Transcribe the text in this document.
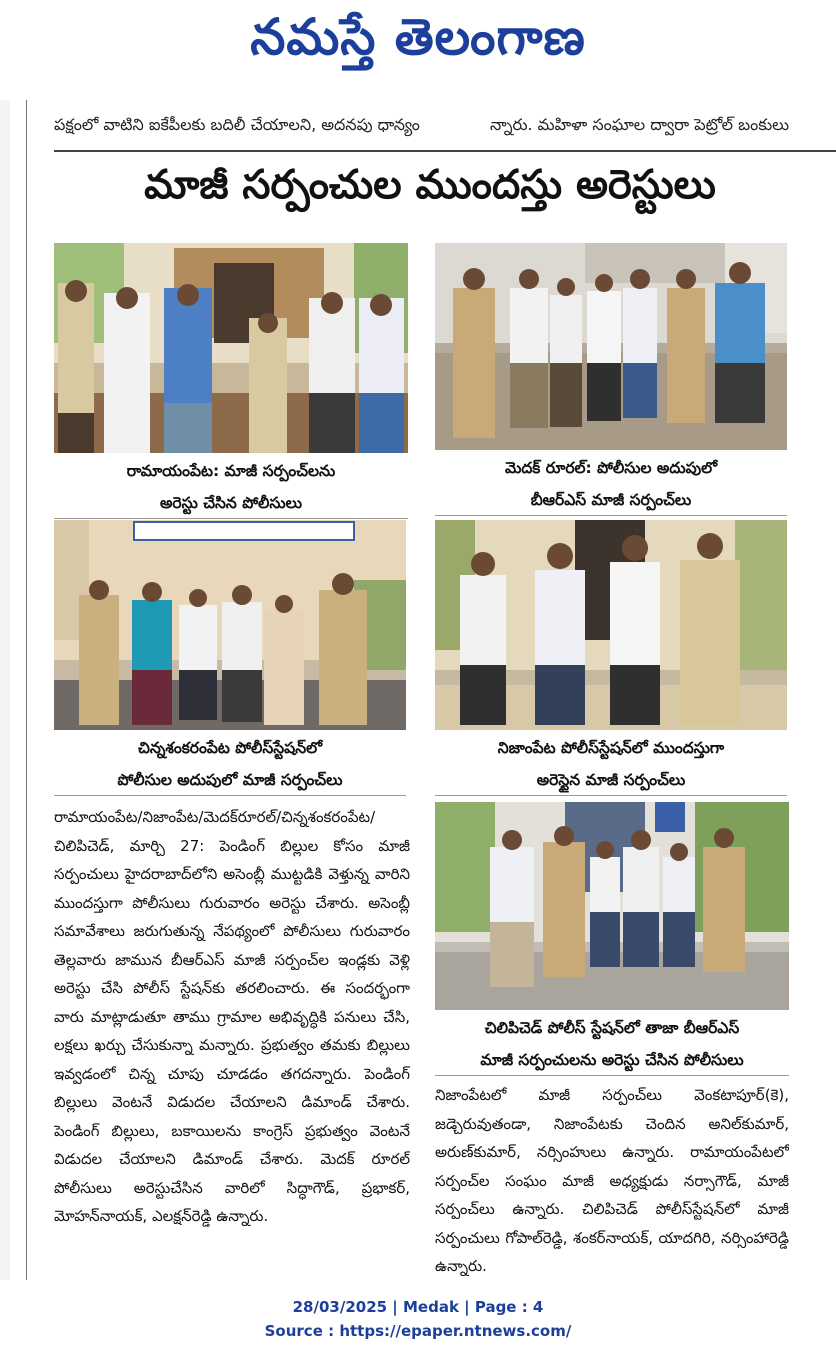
నమస్తే తెలంగాణ
పక్షంలో వాటిని ఐకేపీలకు బదిలీ చేయాలని, అదనపు ధాన్యం	న్నారు. మహిళా సంఘాల ద్వారా పెట్రోల్ బంకులు
మాజీ సర్పంచుల ముందస్తు అరెస్టులు
రామాయంపేట: మాజీ సర్పంచ్‌లను
అరెస్టు చేసిన పోలీసులు
మెదక్ రూరల్: పోలీసుల అదుపులో
బీఆర్ఎస్ మాజీ సర్పంచ్‌లు
చిన్నశంకరంపేట పోలీస్‌స్టేషన్‌లో
పోలీసుల అదుపులో మాజీ సర్పంచ్‌లు
నిజాంపేట పోలీస్‌స్టేషన్‌లో ముందస్తుగా
అరెస్టైన మాజీ సర్పంచ్‌లు
చిలిపిచెడ్ పోలీస్ స్టేషన్‌లో తాజా బీఆర్ఎస్
మాజీ సర్పంచులను అరెస్టు చేసిన పోలీసులు

రామాయంపేట/నిజాంపేట/మెదక్‌రూరల్/చిన్నశంకరంపేట/చిలిపిచెడ్, మార్చి 27: పెండింగ్ బిల్లుల కోసం మాజీ సర్పంచులు హైదరాబాద్‌లోని అసెంబ్లీ ముట్టడికి వెళ్తున్న వారిని ముందస్తుగా పోలీసులు గురువారం అరెస్టు చేశారు. అసెంబ్లీ సమావేశాలు జరుగుతున్న నేపథ్యంలో పోలీసులు గురువారం తెల్లవారు జామున బీఆర్ఎస్ మాజీ సర్పంచ్‌ల ఇండ్లకు వెళ్లి అరెస్టు చేసి పోలీస్ స్టేషన్‌కు తరలించారు. ఈ సందర్భంగా వారు మాట్లాడుతూ తాము గ్రామాల అభివృద్ధికి పనులు చేసి, లక్షలు ఖర్చు చేసుకున్నా మన్నారు. ప్రభుత్వం తమకు బిల్లులు ఇవ్వడంలో చిన్న చూపు చూడడం తగదన్నారు. పెండింగ్ బిల్లులు వెంటనే విడుదల చేయాలని డిమాండ్ చేశారు. పెండింగ్ బిల్లులు, బకాయిలను కాంగ్రెస్ ప్రభుత్వం వెంటనే విడుదల చేయాలని డిమాండ్ చేశారు. మెదక్ రూరల్ పోలీసులు అరెస్టుచేసిన వారిలో సిద్ధాగౌడ్, ప్రభాకర్, మోహన్‌నాయక్, ఎలక్షన్‌రెడ్డి ఉన్నారు.

నిజాంపేటలో మాజీ సర్పంచ్‌లు వెంకటాపూర్(కె), జడ్చెరువుతండా, నిజాంపేటకు చెందిన అనిల్‌కుమార్, అరుణ్‌కుమార్, నర్సింహులు ఉన్నారు. రామాయంపేటలో సర్పంచ్‌ల సంఘం మాజీ అధ్యక్షుడు నర్సాగౌడ్, మాజీ సర్పంచ్‌లు ఉన్నారు. చిలిపిచెడ్ పోలీస్‌స్టేషన్‌లో మాజీ సర్పంచులు గోపాల్‌రెడ్డి, శంకర్‌నాయక్, యాదగిరి, నర్సింహారెడ్డి ఉన్నారు.

28/03/2025 | Medak | Page : 4
Source : https://epaper.ntnews.com/
